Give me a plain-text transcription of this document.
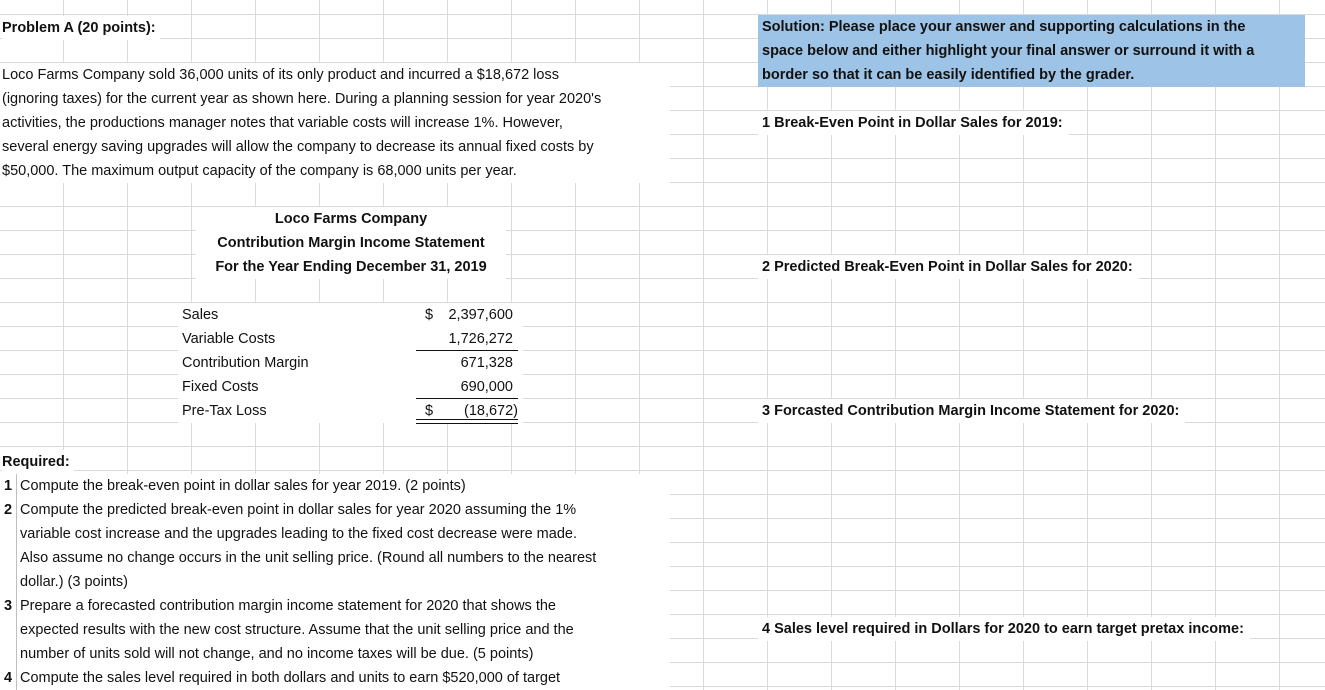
Problem A (20 points):
Loco Farms Company sold 36,000 units of its only product and incurred a $18,672 loss
(ignoring taxes) for the current year as shown here. During a planning session for year 2020's
activities, the productions manager notes that variable costs will increase 1%. However,
several energy saving upgrades will allow the company to decrease its annual fixed costs by
$50,000. The maximum output capacity of the company is 68,000 units per year.
Loco Farms Company
Contribution Margin Income Statement
For the Year Ending December 31, 2019
Sales	$	2,397,600
Variable Costs	1,726,272
Contribution Margin	671,328
Fixed Costs	690,000
Pre-Tax Loss	$	(18,672)
Required:
1 Compute the break-even point in dollar sales for year 2019. (2 points)
2 Compute the predicted break-even point in dollar sales for year 2020 assuming the 1%
variable cost increase and the upgrades leading to the fixed cost decrease were made.
Also assume no change occurs in the unit selling price. (Round all numbers to the nearest
dollar.) (3 points)
3 Prepare a forecasted contribution margin income statement for 2020 that shows the
expected results with the new cost structure. Assume that the unit selling price and the
number of units sold will not change, and no income taxes will be due. (5 points)
4 Compute the sales level required in both dollars and units to earn $520,000 of target
Solution: Please place your answer and supporting calculations in the
space below and either highlight your final answer or surround it with a
border so that it can be easily identified by the grader.
1 Break-Even Point in Dollar Sales for 2019:
2 Predicted Break-Even Point in Dollar Sales for 2020:
3 Forcasted Contribution Margin Income Statement for 2020:
4 Sales level required in Dollars for 2020 to earn target pretax income:
